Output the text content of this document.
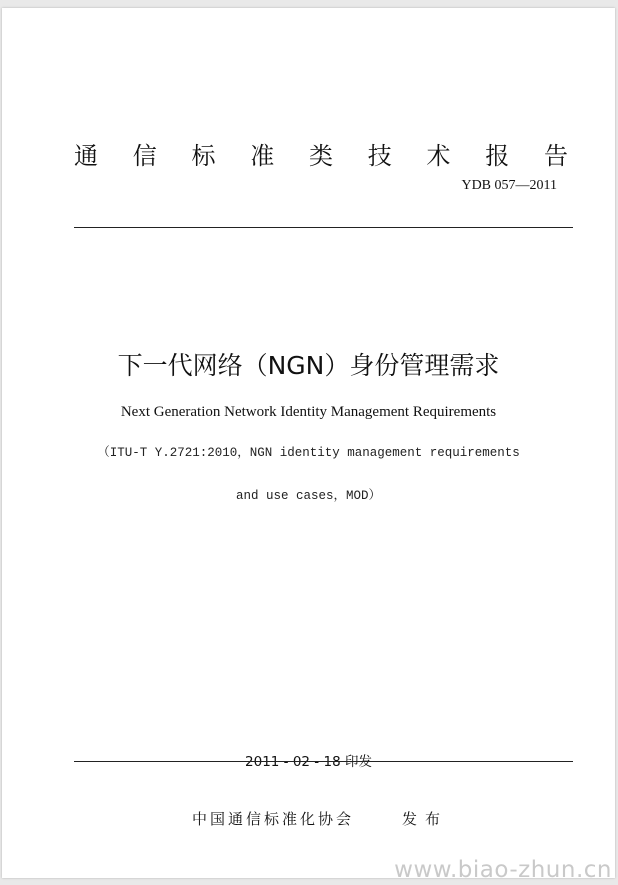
通 信 标 准 类 技 术 报 告
YDB 057—2011
下一代网络（NGN）身份管理需求
Next Generation Network Identity Management Requirements
（ITU-T Y.2721:2010，NGN identity management requirements
and use cases，MOD）
2011 - 02 - 18 印发
中国通信标准化协会	发布
www.biao-zhun.cn
